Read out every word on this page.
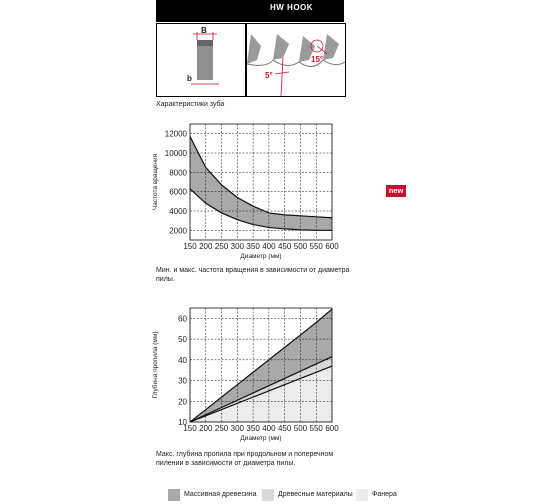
HW HOOK
B
b	5°
15°
Характеристики зуба
150 200 250 300 350 400 450 500 550 600
2000
4000
6000
8000
10000
12000
Диаметр (мм)
Частота вращения
Мин. и макс. частота вращения в зависимости от диаметра пилы.
150 200 250 300 350 400 450 500 550 600
10
20
30
40
50
60
Диаметр (мм)
Глубина пропила (мм)
Макс. глубина пропила при продольном и поперечном пилении в зависимости от диаметра пилы.
new
Массивная древесина	Древесные материалы	Фанера
